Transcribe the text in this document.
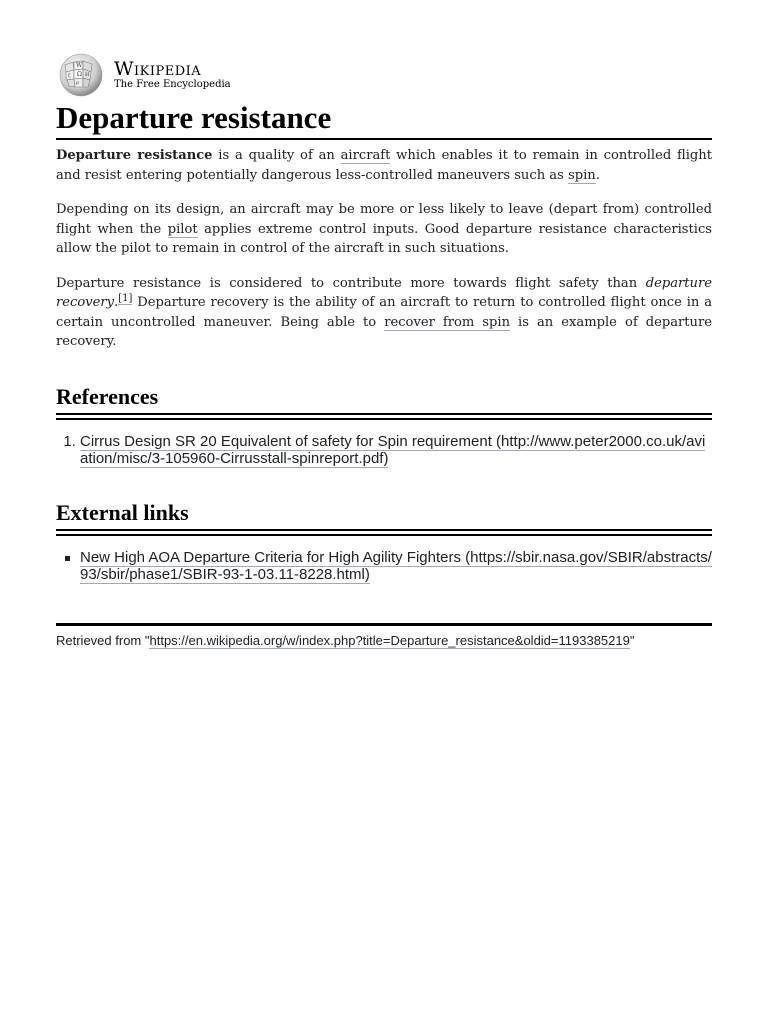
W
Ω И
ζ
ρ
Wikipedia
The Free Encyclopedia
Departure resistance

Departure resistance is a quality of an aircraft which enables it to remain in controlled flight and resist entering potentially dangerous less-controlled maneuvers such as spin.

Depending on its design, an aircraft may be more or less likely to leave (depart from) controlled flight when the pilot applies extreme control inputs. Good departure resistance characteristics allow the pilot to remain in control of the aircraft in such situations.

Departure resistance is considered to contribute more towards flight safety than departure recovery.[1] Departure recovery is the ability of an aircraft to return to controlled flight once in a certain uncontrolled maneuver. Being able to recover from spin is an example of departure recovery.

References
1. Cirrus Design SR 20 Equivalent of safety for Spin requirement (http://www.peter2000.co.uk/aviation/misc/3-105960-Cirrusstall-spinreport.pdf)
External links
New High AOA Departure Criteria for High Agility Fighters (https://sbir.nasa.gov/SBIR/abstracts/93/sbir/phase1/SBIR-93-1-03.11-8228.html)
Retrieved from "https://en.wikipedia.org/w/index.php?title=Departure_resistance&oldid=1193385219"
